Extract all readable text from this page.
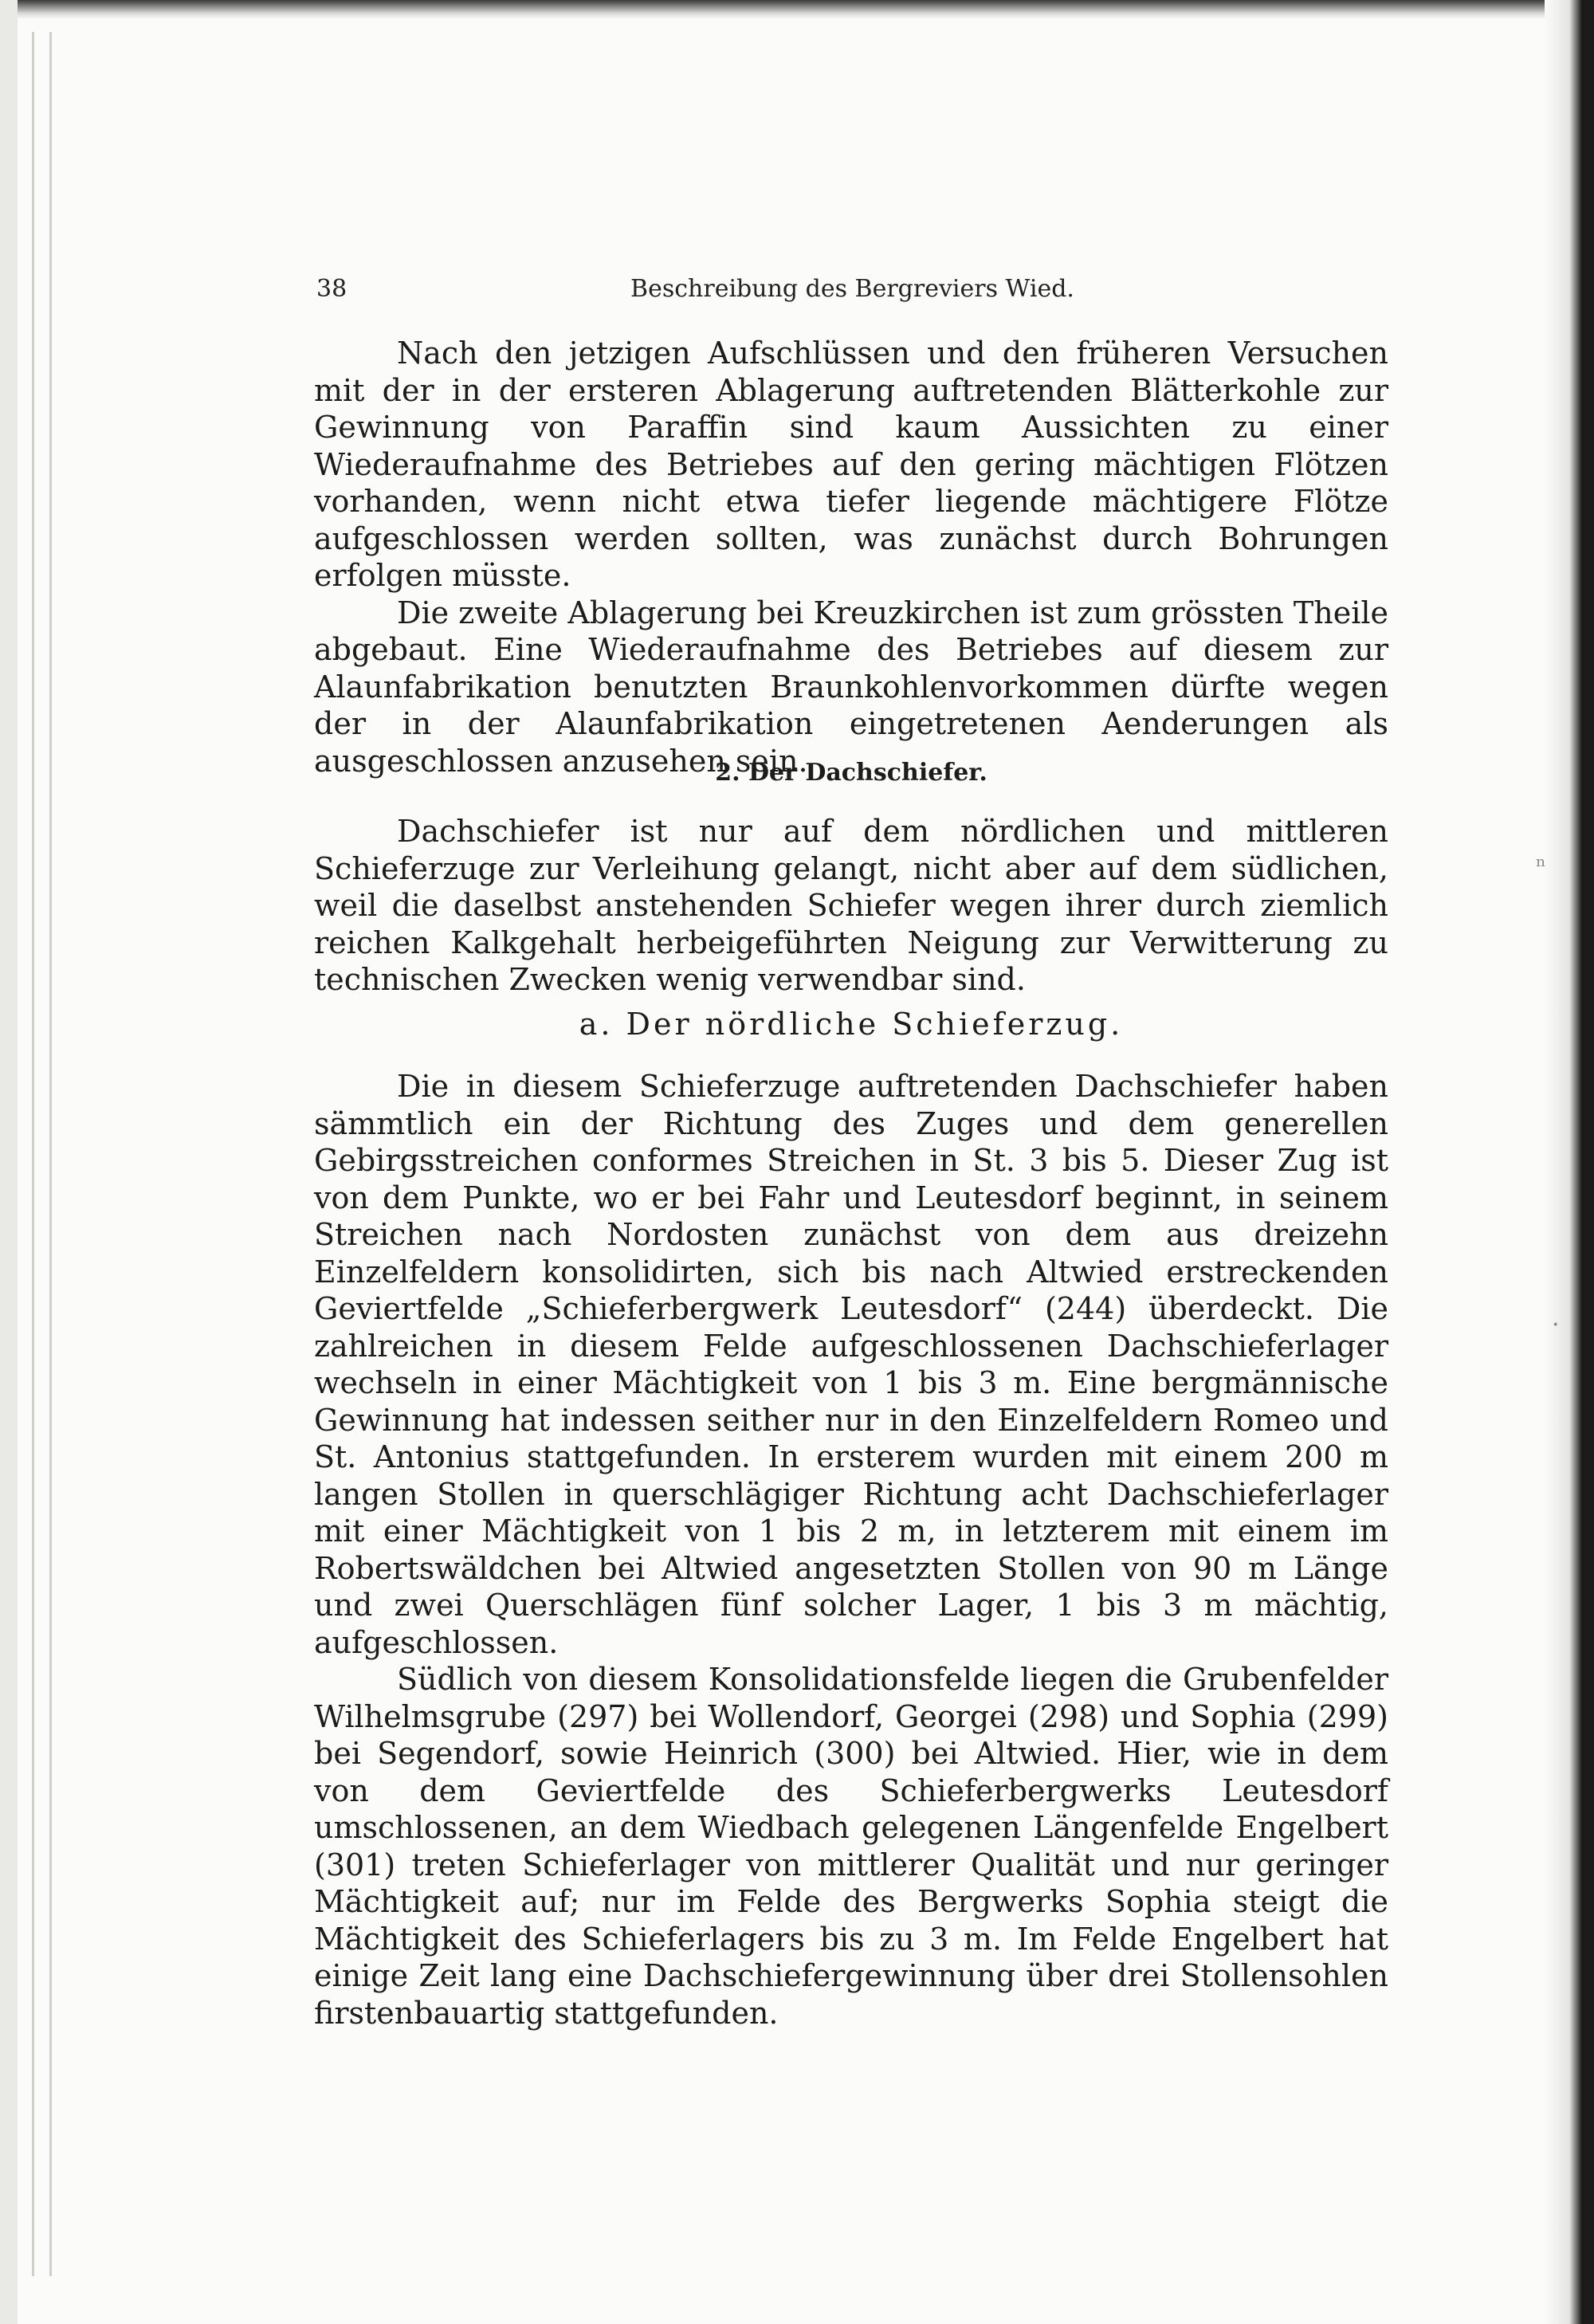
38	Beschreibung des Bergreviers Wied.

Nach den jetzigen Aufschlüssen und den früheren Versuchen mit der in der ersteren Ablagerung auftretenden Blätterkohle zur Gewinnung von Paraffin sind kaum Aussichten zu einer Wiederaufnahme des Betriebes auf den gering mächtigen Flötzen vorhanden, wenn nicht etwa tiefer liegende mächtigere Flötze aufgeschlossen werden sollten, was zunächst durch Bohrungen erfolgen müsste.

Die zweite Ablagerung bei Kreuzkirchen ist zum grössten Theile abgebaut. Eine Wiederaufnahme des Betriebes auf diesem zur Alaunfabrikation benutzten Braunkohlenvorkommen dürfte wegen der in der Alaunfabrikation eingetretenen Aenderungen als ausgeschlossen anzusehen sein.

2. Der Dachschiefer.

Dachschiefer ist nur auf dem nördlichen und mittleren Schieferzuge zur Verleihung gelangt, nicht aber auf dem südlichen, weil die daselbst anstehenden Schiefer wegen ihrer durch ziemlich reichen Kalkgehalt herbeigeführten Neigung zur Verwitterung zu technischen Zwecken wenig verwendbar sind.

a. Der nördliche Schieferzug.

Die in diesem Schieferzuge auftretenden Dachschiefer haben sämmtlich ein der Richtung des Zuges und dem generellen Gebirgsstreichen conformes Streichen in St. 3 bis 5. Dieser Zug ist von dem Punkte, wo er bei Fahr und Leutesdorf beginnt, in seinem Streichen nach Nordosten zunächst von dem aus dreizehn Einzelfeldern konsolidirten, sich bis nach Altwied erstreckenden Geviertfelde „Schieferbergwerk Leutesdorf“ (244) überdeckt. Die zahlreichen in diesem Felde aufgeschlossenen Dachschieferlager wechseln in einer Mächtigkeit von 1 bis 3 m. Eine bergmännische Gewinnung hat indessen seither nur in den Einzelfeldern Romeo und St. Antonius stattgefunden. In ersterem wurden mit einem 200 m langen Stollen in querschlägiger Richtung acht Dachschieferlager mit einer Mächtigkeit von 1 bis 2 m, in letzterem mit einem im Robertswäldchen bei Altwied angesetzten Stollen von 90 m Länge und zwei Querschlägen fünf solcher Lager, 1 bis 3 m mächtig, aufgeschlossen.

Südlich von diesem Konsolidationsfelde liegen die Grubenfelder Wilhelmsgrube (297) bei Wollendorf, Georgei (298) und Sophia (299) bei Segendorf, sowie Heinrich (300) bei Altwied. Hier, wie in dem von dem Geviertfelde des Schieferbergwerks Leutesdorf umschlossenen, an dem Wiedbach gelegenen Längenfelde Engelbert (301) treten Schieferlager von mittlerer Qualität und nur geringer Mächtigkeit auf; nur im Felde des Bergwerks Sophia steigt die Mächtigkeit des Schieferlagers bis zu 3 m. Im Felde Engelbert hat einige Zeit lang eine Dachschiefergewinnung über drei Stollensohlen firstenbauartig stattgefunden.

ⁿ
·
